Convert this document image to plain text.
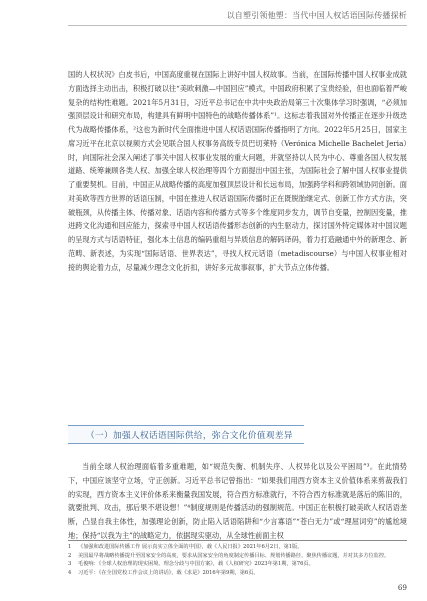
以自塑引领他塑：当代中国人权话语国际传播探析

国的人权状况》白皮书后，中国高度重视在国际上讲好中国人权故事。当前，在国际传播中国人权事业成就方面选择主动出击，积极打破以往“美欧刺激—中国回应”模式，中国政府积累了宝贵经验，但也面临着严峻复杂的结构性难题。2021年5月31日，习近平总书记在中共中央政治局第三十次集体学习时强调，“必须加强顶层设计和研究布局，构建具有鲜明中国特色的战略传播体系”¹。这标志着我国对外传播正在逐步升级迭代为战略传播体系，²这也为新时代全面推进中国人权话语国际传播指明了方向。2022年5月25日，国家主席习近平在北京以视频方式会见联合国人权事务高级专员巴切莱特（Verónica Michelle Bachelet Jeria）时，向国际社会深入阐述了事关中国人权事业发展的重大问题，并就坚持以人民为中心、尊重各国人权发展道路、统筹兼顾各类人权、加强全球人权治理等四个方面提出中国主张，为国际社会了解中国人权事业提供了重要契机。目前，中国正从战略传播的高度加强顶层设计和长远布局，加强跨学科和跨领域协同创新。面对美欧等西方世界的话语压制，中国在推进人权话语国际传播时正在既脱胎继定式、创新工作方式方法，突破瓶颈，从传播主体、传播对象、话语内容和传播方式等多个维度同步发力，调节自变量，控制因变量，推进跨文化沟通和回应能力，探索寻中国人权话语传播形态创新的内生驱动力，探讨国外特定媒体对中国议题的呈现方式与话语特征，强化本土信息的编码重组与异质信息的解码译码，着力打造融通中外的新理念、新范畴、新表述，为实现“国际话语、世界表达”，寻找人权元话语（metadiscourse）与中国人权事业相对接的舆论着力点，尽量减少理念文化折扣，讲好多元故事叙事，扩大节点立体传播。

（一）加强人权话语国际供给，弥合文化价值观差异

当前全球人权治理面临着多重难题，如“规范失衡、机制失序、人权异化以及公平困局”³。在此情势下，中国应该坚守立场，守正创新。习近平总书记曾指出：“如果我们用西方资本主义价值体系来剪裁我们的实现，西方资本主义评价体系来衡量我国发展，符合西方标准就行，不符合西方标准就是落后的陈旧的，就要批判、攻击，那后果不堪设想！”⁴制度规则是传播活动的强制规范。中国正在积极打破美欧人权话语垄断，凸显自我主体性，加强理论创新，防止陷入话语陷阱和“少言寡语”“苍白无力”或“理屈词穷”的尴尬境地；保持“以我为主”的战略定力，依据现实驱动，从全球性前面主权

1	《加强和改进国际传播工作 展示真实立体全面的中国》，载《人民日报》2021年6月2日，第1版。
2	美国最早将战略传播提升至国家安全的高度，要求从国家安全的角度制定传播目标、规划传播路径、聚焦传播议题，并对其多方位监控。
3	毛俊响：《全球人权治理的现实困境、理念分歧与中国方案》，载《人权研究》2023年第1期，第76页。
4	习近平：《在全国党校工作会议上的讲话》，载《求是》2016年第9期，第6页。
69
